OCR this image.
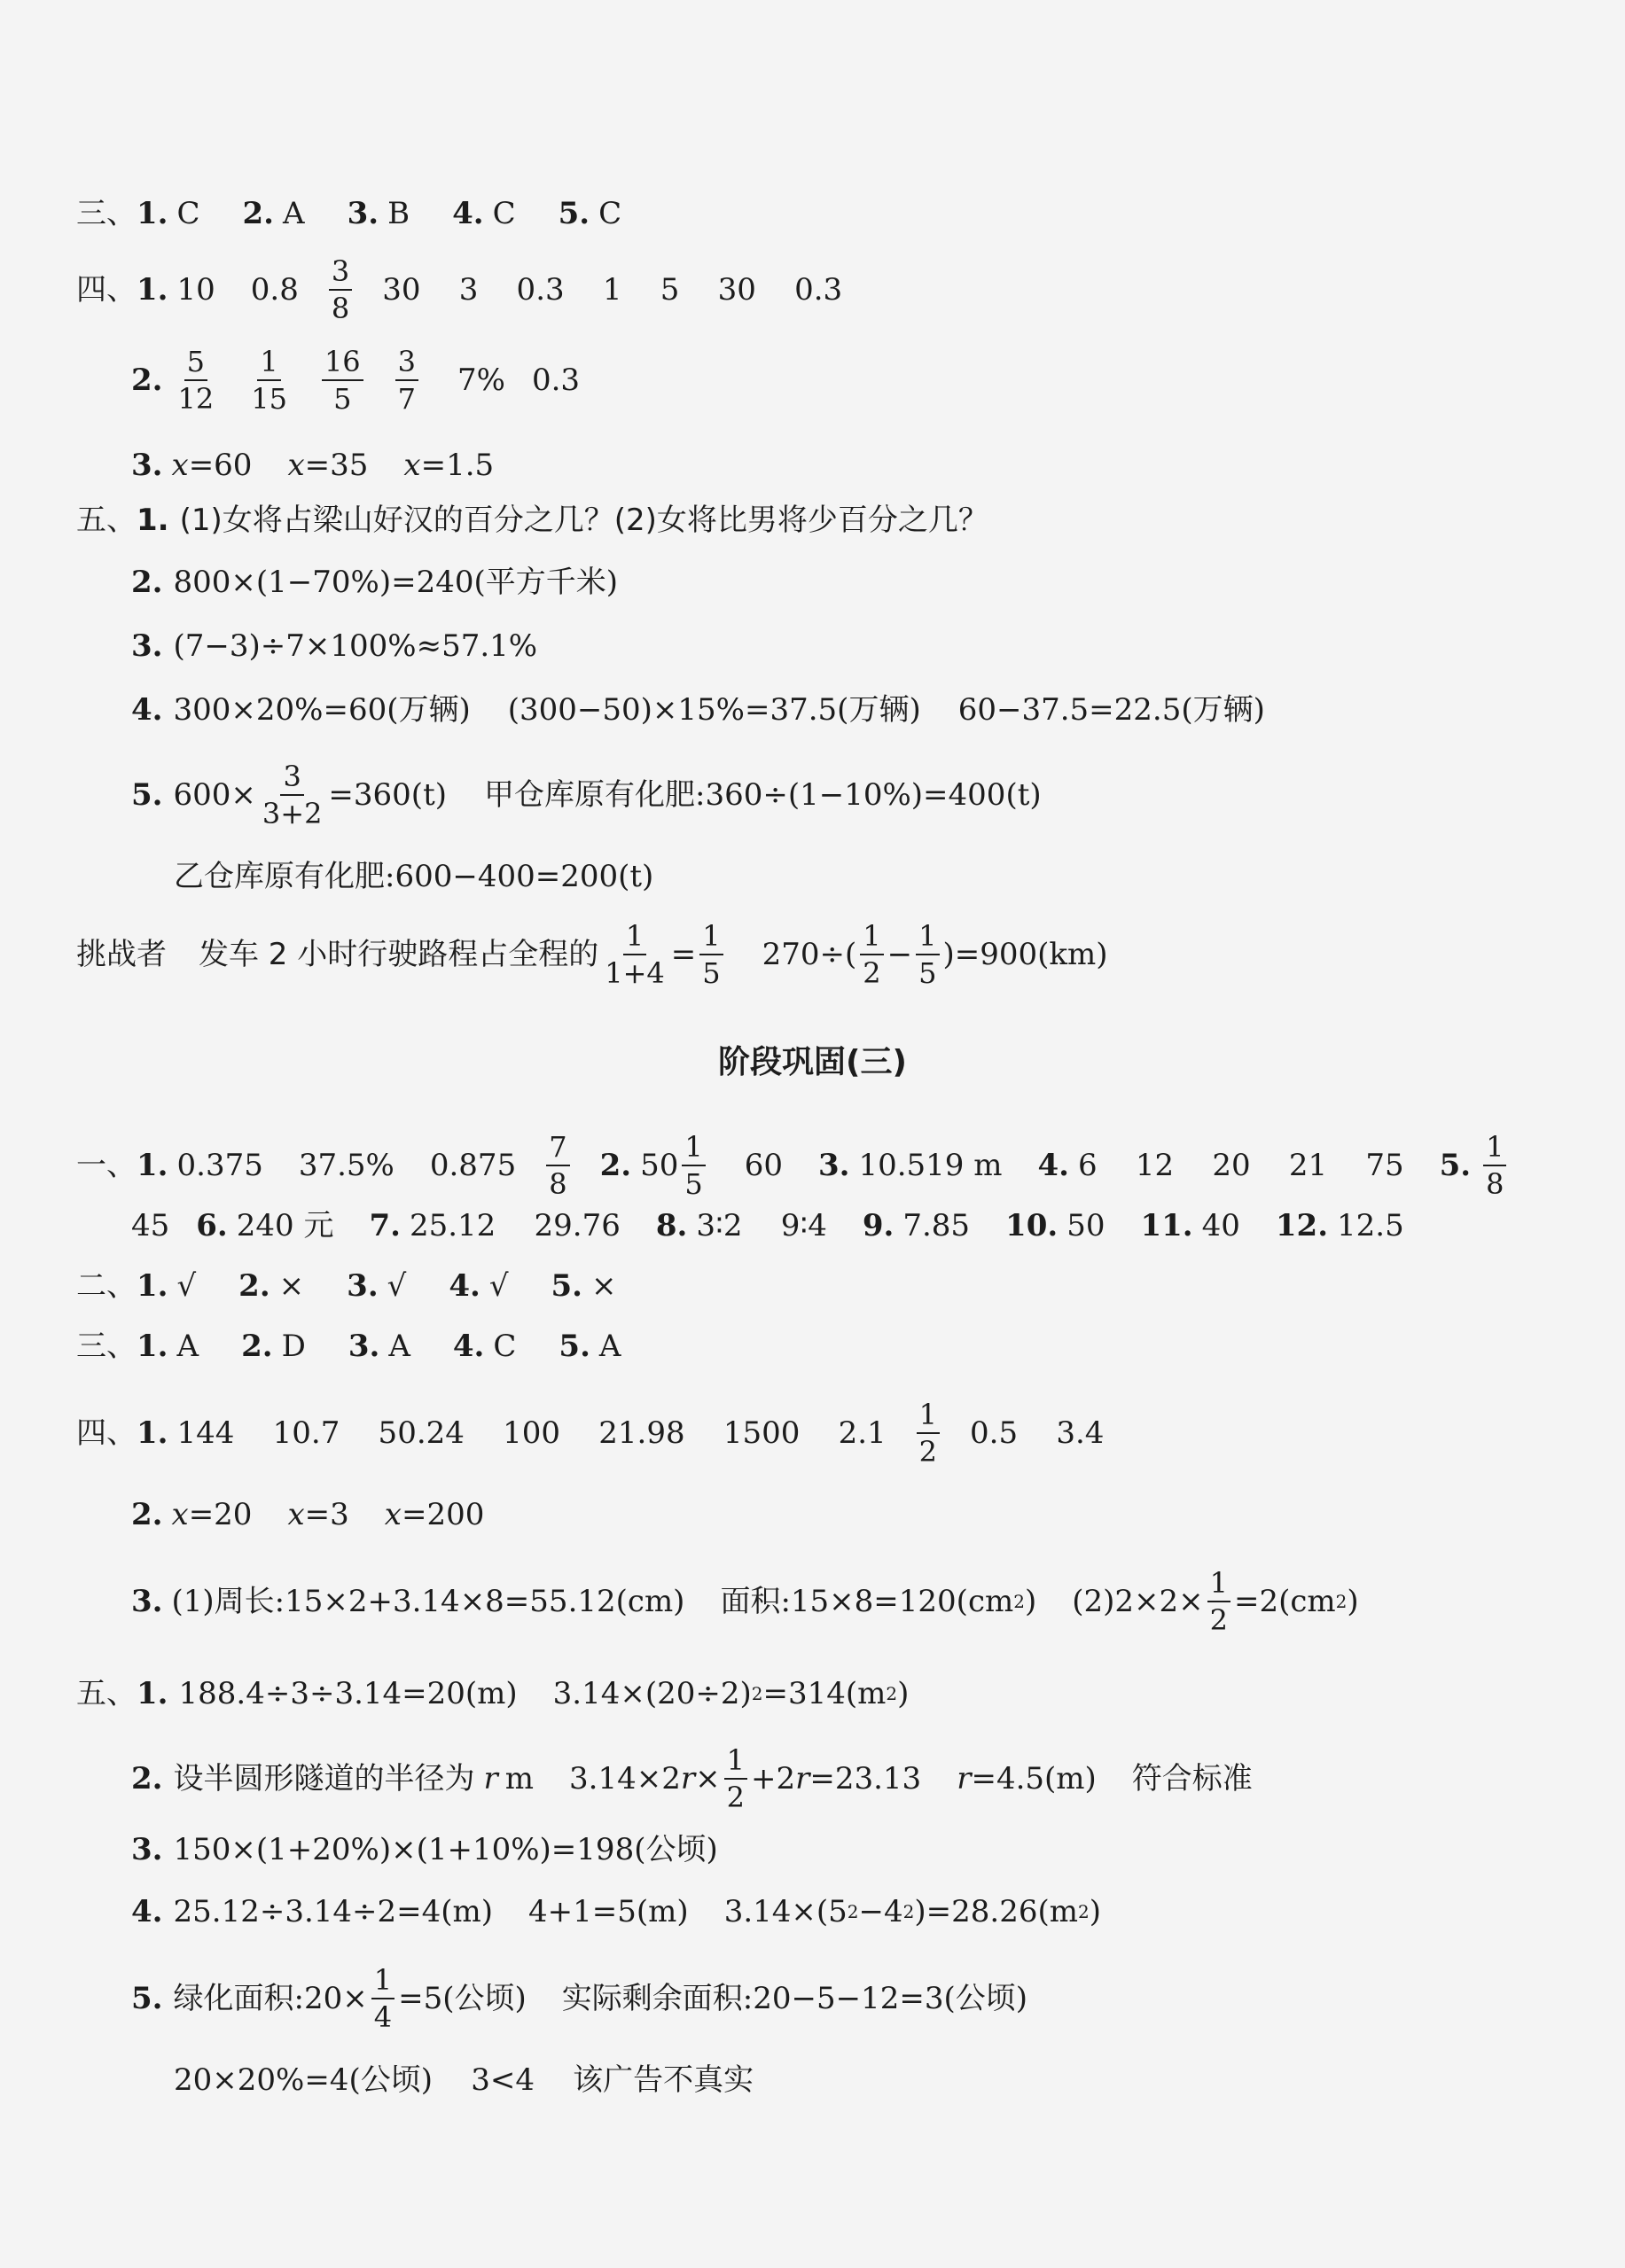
三、 1. C 2. A 3. B 4. C 5. C
四、 1. 10 $0.8 \frac{3}{8} 30$    3    0.3    1    5    30    0.3
2. $\frac{5}{12} \frac{1}{15} \frac{16}{5} \frac{3}{7} 7\%$ 0.3
3. x =60 x =35 x =1.5
五、 1. (1)女将占梁山好汉的百分之几？(2)女将比男将少百分之几？
2. 800×(1−70%)=240(平方千米)
3. (7−3)÷7×100%≈57.1%
4. 300×20%=60(万辆) (300−50)×15%=37.5(万辆) 60−37.5=22.5(万辆)
5. $600\times \frac{3}{3+2} =360(t)$ 甲仓库原有化肥:360÷(1−10%)=400(t)
乙仓库原有化肥:600−400=200(t)
挑战者 发车 2 小时行驶路程占全程的 $\frac{1}{1+4} = \frac{1}{5} 270\div( \frac{1}{2} - \frac{1}{5} )=900(km)$
阶段巩固(三)
一、 1. 0.375 37.5% $0.875 \frac{7}{8} 2$. $50 \frac{1}{5} 60$ 3. 10.519 m 4. 6    12    20    21    75 5. $\frac{1}{8}$
45 6. 240 元 7. 25.12    29.76 8. 3∶2    9∶4 9. 7.85 10. 50 11. 40 12. 12.5
二、 1. √ 2. × 3. √ 4. √ 5. ×
三、 1. A 2. D 3. A 4. C 5. A
四、 1. 144    10.7    50.24    100    21.98    1500    $2.1 \frac{1}{2} 0.5$    3.4
2. x =20 x =3 x =200
3. (1)周长:15×2+3.14×8=55.12(cm) 面积:15×8=120(cm 2 ) $(2)2\times 2\times \frac{1}{2} =2(cm$ 2 )
五、 1. 188.4÷3÷3.14=20(m) 3.14×(20÷2) 2 =314(m 2 )
2. 设半圆形隧道的半径为 r m 3.14×2 $r \times \frac{1}{2} +2$ r =23.13 r =4.5(m) 符合标准
3. 150×(1+20%)×(1+10%)=198(公顷)
4. 25.12÷3.14÷2=4(m) 4+1=5(m) 3.14×(5 2 −4 2 )=28.26(m 2 )
5. 绿化面积:20× $\frac{1}{4} =5$(公顷) 实际剩余面积:20−5−12=3(公顷)
20×20%=4(公顷)    3<4    该广告不真实
